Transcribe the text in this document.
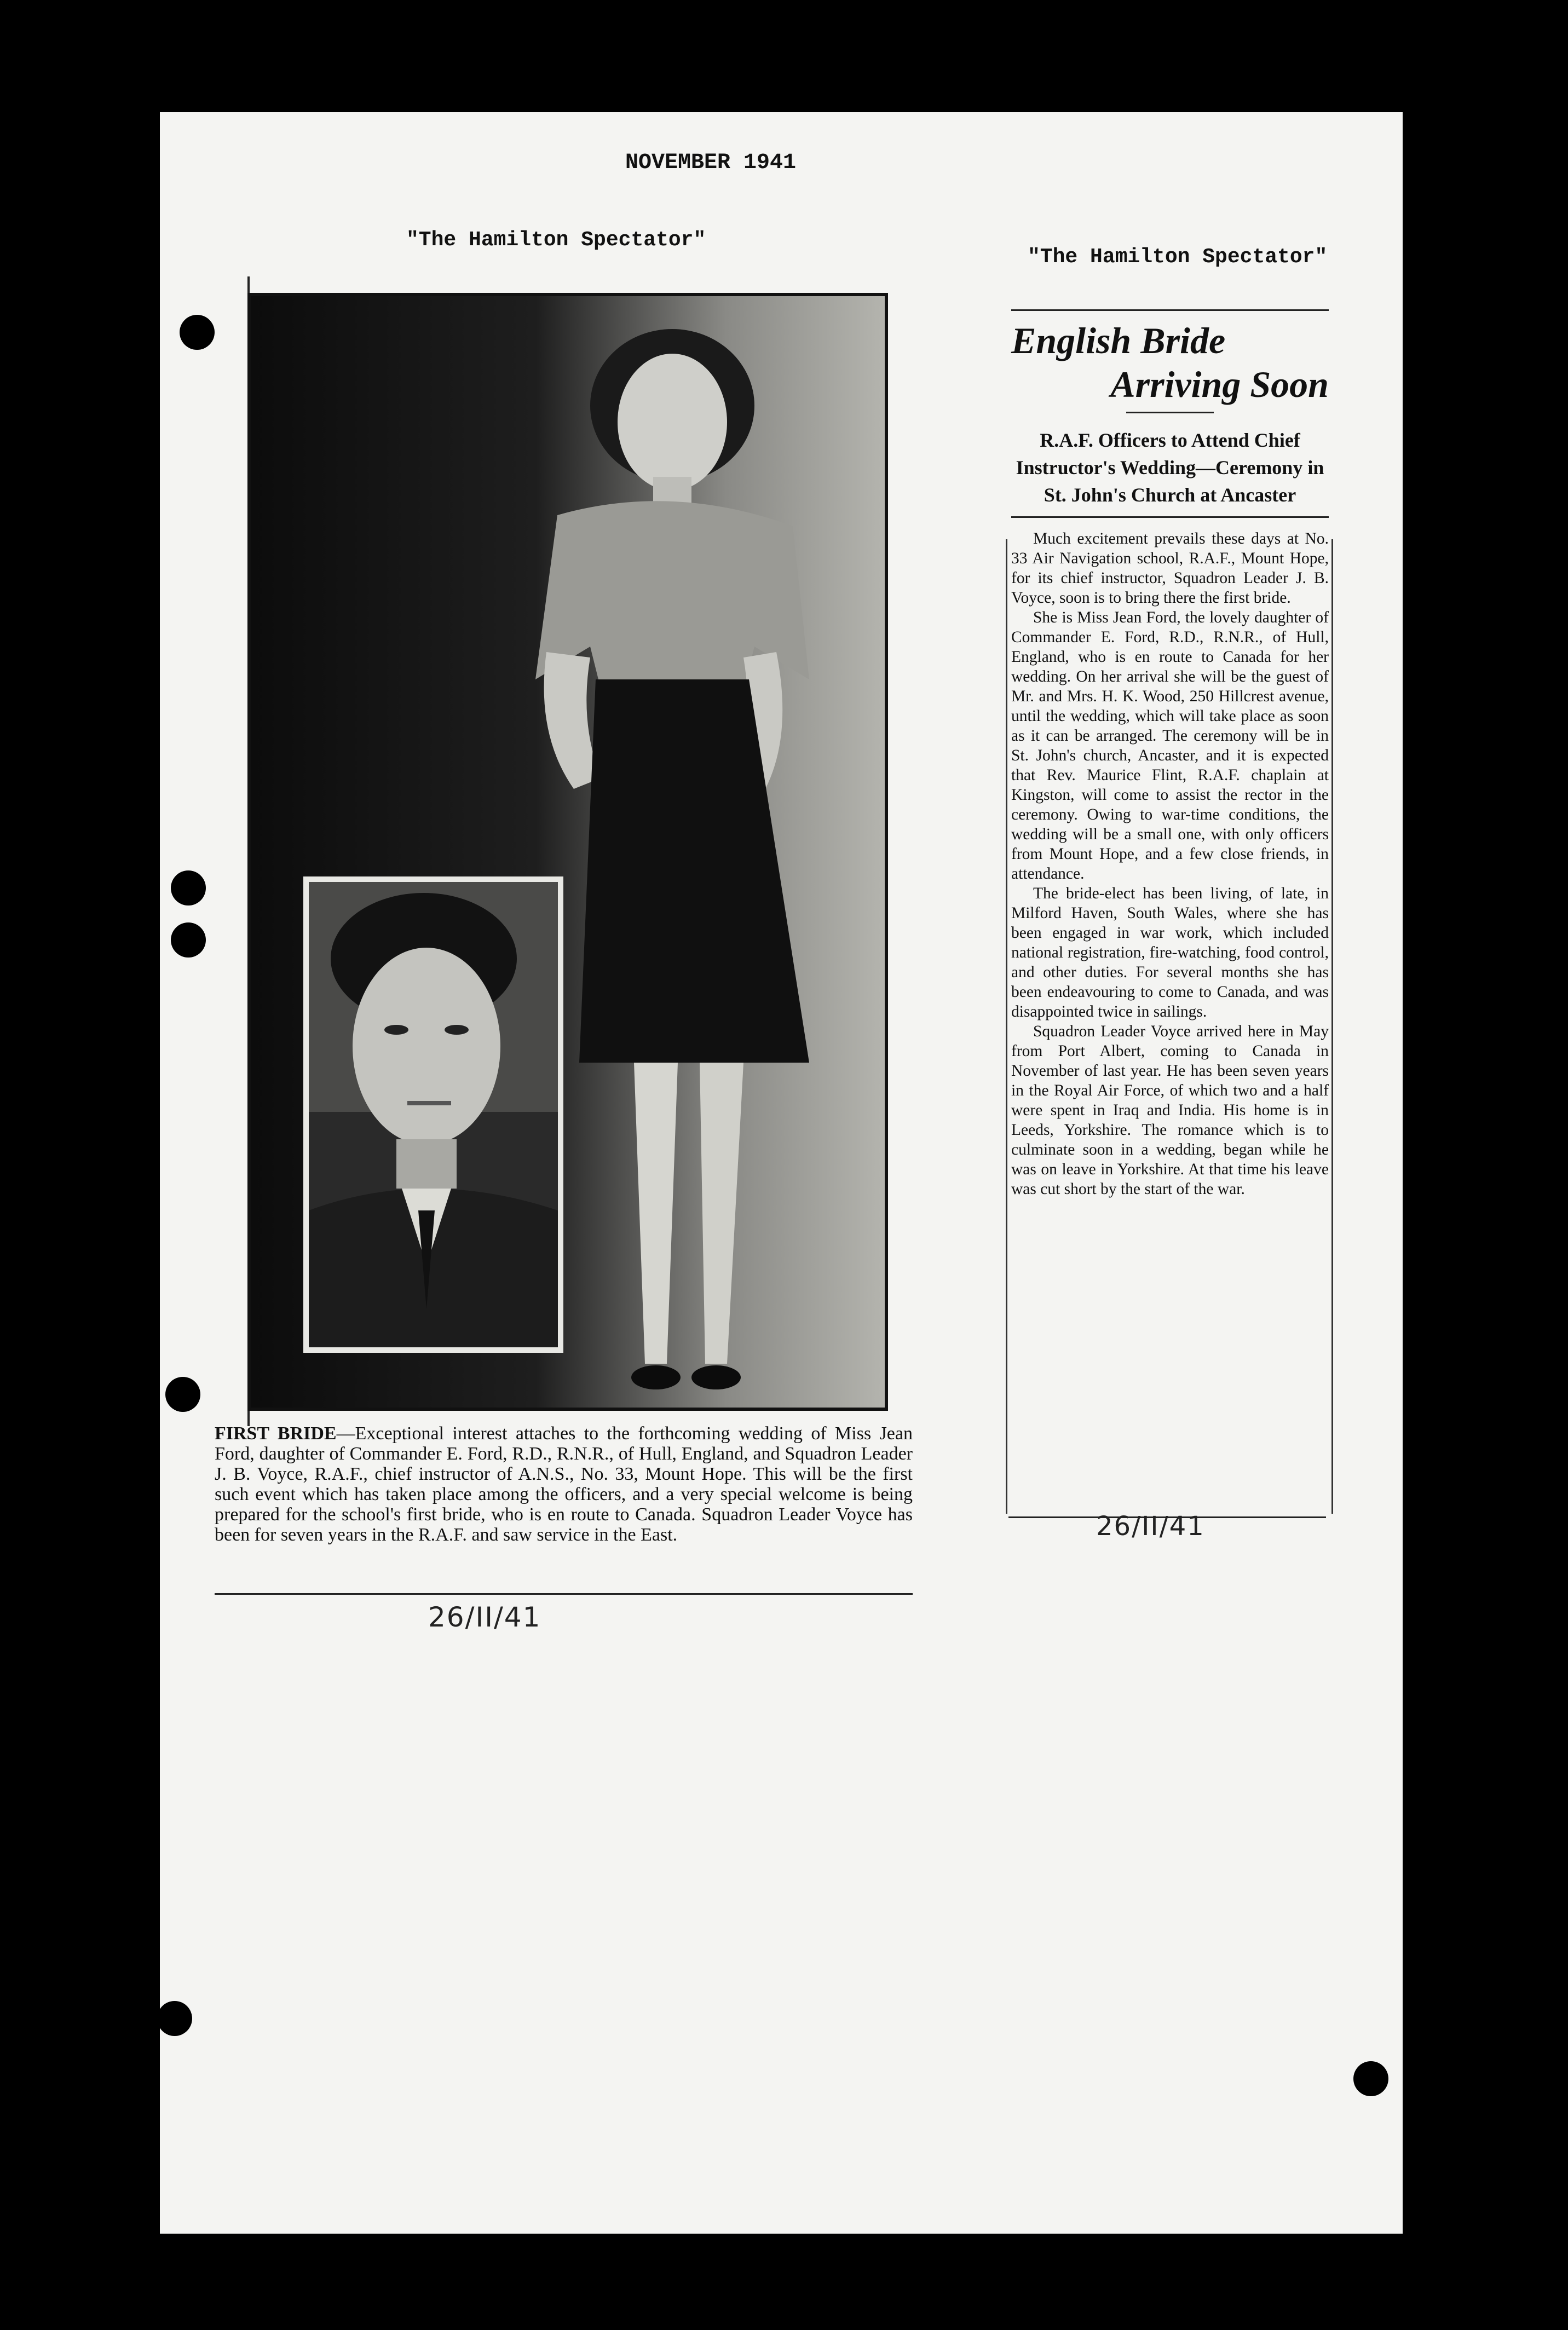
NOVEMBER 1941
"The Hamilton Spectator"
"The Hamilton Spectator"
FIRST BRIDE—Exceptional interest attaches to the forthcoming wedding of Miss Jean Ford, daughter of Commander E. Ford, R.D., R.N.R., of Hull, England, and Squadron Leader J. B. Voyce, R.A.F., chief instructor of A.N.S., No. 33, Mount Hope. This will be the first such event which has taken place among the officers, and a very special welcome is being prepared for the school's first bride, who is en route to Canada. Squadron Leader Voyce has been for seven years in the R.A.F. and saw service in the East.
26/II/41
English Bride
Arriving Soon
R.A.F. Officers to Attend Chief Instructor's Wedding—Ceremony in St. John's Church at Ancaster

Much excitement prevails these days at No. 33 Air Navigation school, R.A.F., Mount Hope, for its chief instructor, Squadron Leader J. B. Voyce, soon is to bring there the first bride.

She is Miss Jean Ford, the lovely daughter of Commander E. Ford, R.D., R.N.R., of Hull, England, who is en route to Canada for her wedding. On her arrival she will be the guest of Mr. and Mrs. H. K. Wood, 250 Hillcrest avenue, until the wedding, which will take place as soon as it can be arranged. The ceremony will be in St. John's church, Ancaster, and it is expected that Rev. Maurice Flint, R.A.F. chaplain at Kingston, will come to assist the rector in the ceremony. Owing to war-time conditions, the wedding will be a small one, with only officers from Mount Hope, and a few close friends, in attendance.

The bride-elect has been living, of late, in Milford Haven, South Wales, where she has been engaged in war work, which included national registration, fire-watching, food control, and other duties. For several months she has been endeavouring to come to Canada, and was disappointed twice in sailings.

Squadron Leader Voyce arrived here in May from Port Albert, coming to Canada in November of last year. He has been seven years in the Royal Air Force, of which two and a half were spent in Iraq and India. His home is in Leeds, Yorkshire. The romance which is to culminate soon in a wedding, began while he was on leave in Yorkshire. At that time his leave was cut short by the start of the war.

26/II/41
